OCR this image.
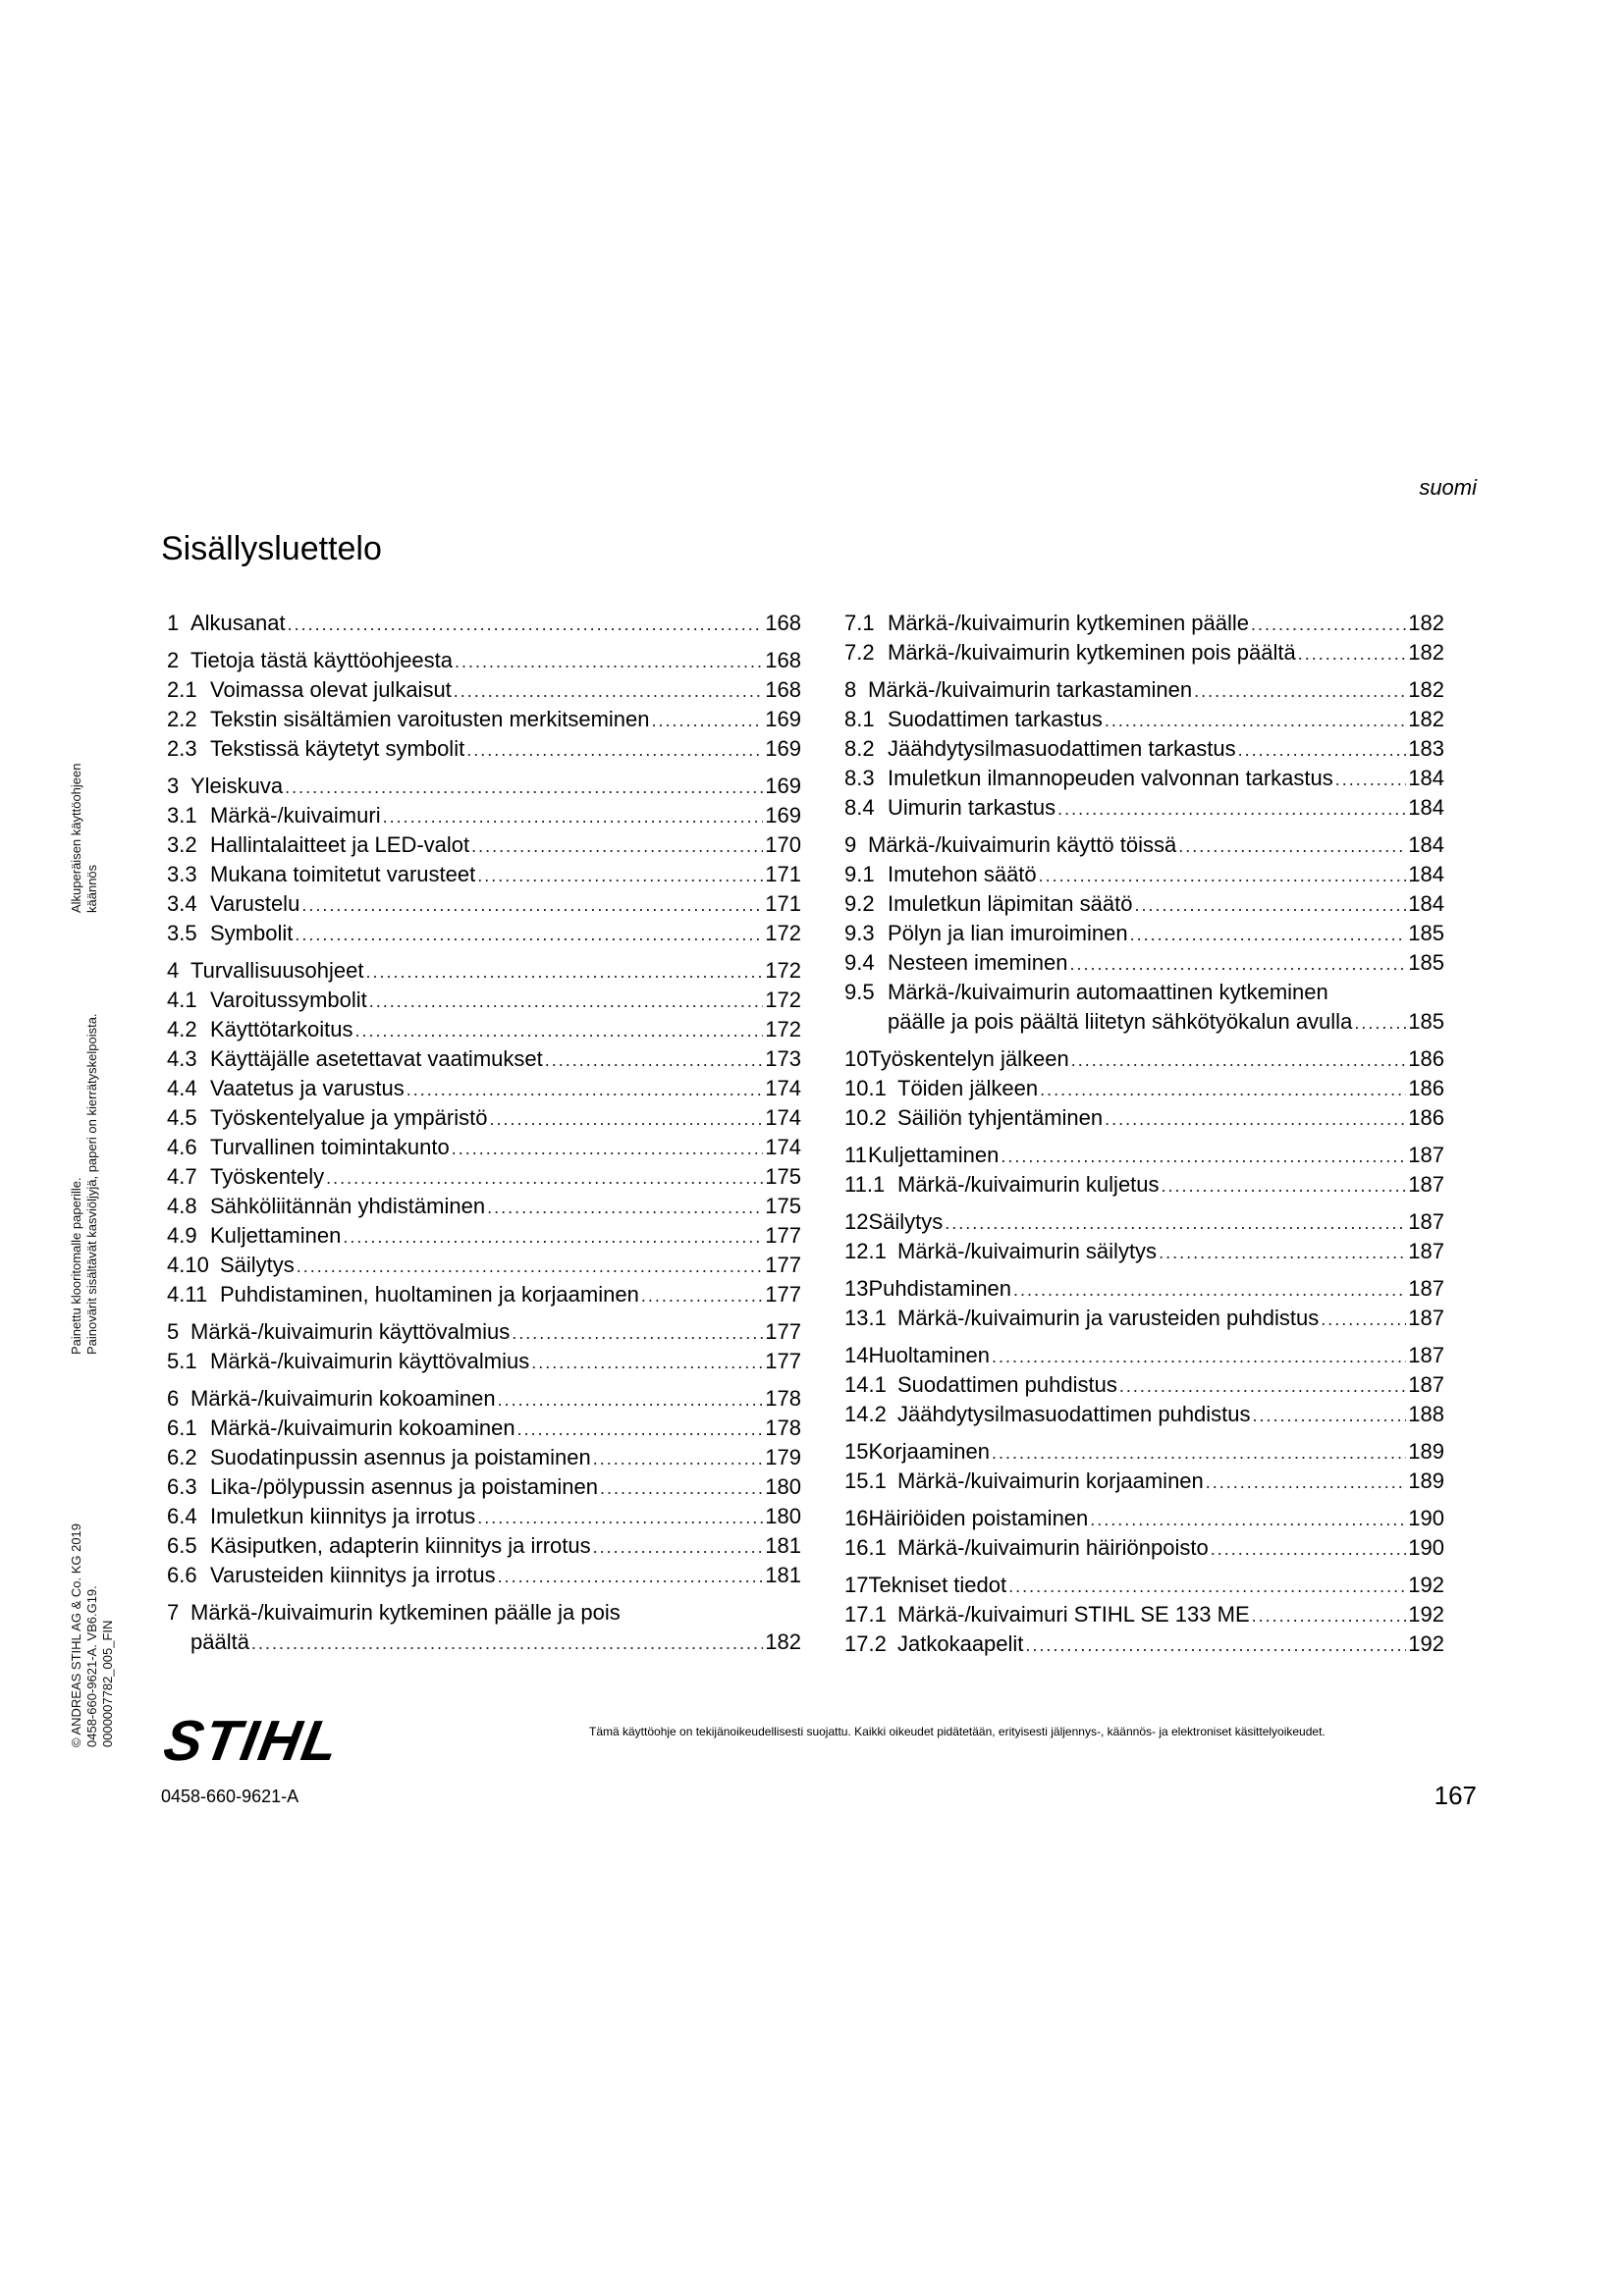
suomi
Sisällysluettelo
1 Alkusanat .....	168
2 Tietoja tästä käyttöohjeesta .....	168
2.1 Voimassa olevat julkaisut .....	168
2.2 Tekstin sisältämien varoitusten merkitseminen .....	169
2.3 Tekstissä käytetyt symbolit .....	169
3 Yleiskuva .....	169
3.1 Märkä-/kuivaimuri .....	169
3.2 Hallintalaitteet ja LED-valot .....	170
3.3 Mukana toimitetut varusteet .....	171
3.4 Varustelu .....	171
3.5 Symbolit .....	172
4 Turvallisuusohjeet .....	172
4.1 Varoitussymbolit .....	172
4.2 Käyttötarkoitus .....	172
4.3 Käyttäjälle asetettavat vaatimukset .....	173
4.4 Vaatetus ja varustus .....	174
4.5 Työskentelyalue ja ympäristö .....	174
4.6 Turvallinen toimintakunto .....	174
4.7 Työskentely .....	175
4.8 Sähköliitännän yhdistäminen .....	175
4.9 Kuljettaminen .....	177
4.10 Säilytys .....	177
4.11 Puhdistaminen, huoltaminen ja korjaaminen .....	177
5 Märkä-/kuivaimurin käyttövalmius .....	177
5.1 Märkä-/kuivaimurin käyttövalmius .....	177
6 Märkä-/kuivaimurin kokoaminen .....	178
6.1 Märkä-/kuivaimurin kokoaminen .....	178
6.2 Suodatinpussin asennus ja poistaminen .....	179
6.3 Lika-/pölypussin asennus ja poistaminen .....	180
6.4 Imuletkun kiinnitys ja irrotus .....	180
6.5 Käsiputken, adapterin kiinnitys ja irrotus .....	181
6.6 Varusteiden kiinnitys ja irrotus .....	181
7 Märkä-/kuivaimurin kytkeminen päälle ja pois
päältä .....	182
7.1 Märkä-/kuivaimurin kytkeminen päälle .....	182
7.2 Märkä-/kuivaimurin kytkeminen pois päältä .....	182
8 Märkä-/kuivaimurin tarkastaminen .....	182
8.1 Suodattimen tarkastus .....	182
8.2 Jäähdytysilmasuodattimen tarkastus .....	183
8.3 Imuletkun ilmannopeuden valvonnan tarkastus .....	184
8.4 Uimurin tarkastus .....	184
9 Märkä-/kuivaimurin käyttö töissä .....	184
9.1 Imutehon säätö .....	184
9.2 Imuletkun läpimitan säätö .....	184
9.3 Pölyn ja lian imuroiminen .....	185
9.4 Nesteen imeminen .....	185
9.5 Märkä-/kuivaimurin automaattinen kytkeminen
päälle ja pois päältä liitetyn sähkötyökalun avulla .....	185
10 Työskentelyn jälkeen .....	186
10.1 Töiden jälkeen .....	186
10.2 Säiliön tyhjentäminen .....	186
11 Kuljettaminen .....	187
11.1 Märkä-/kuivaimurin kuljetus .....	187
12 Säilytys .....	187
12.1 Märkä-/kuivaimurin säilytys .....	187
13 Puhdistaminen .....	187
13.1 Märkä-/kuivaimurin ja varusteiden puhdistus .....	187
14 Huoltaminen .....	187
14.1 Suodattimen puhdistus .....	187
14.2 Jäähdytysilmasuodattimen puhdistus .....	188
15 Korjaaminen .....	189
15.1 Märkä-/kuivaimurin korjaaminen .....	189
16 Häiriöiden poistaminen .....	190
16.1 Märkä-/kuivaimurin häiriönpoisto .....	190
17 Tekniset tiedot .....	192
17.1 Märkä-/kuivaimuri STIHL SE 133 ME .....	192
17.2 Jatkokaapelit .....	192
© ANDREAS STIHL AG & Co. KG 2019 0458-660-9621-A. VB6.G19. 0000007782_005_FIN
Painettu klooritomalle paperille. Painovärit sisältävät kasviöljyjä, paperi on kierrätyskelpoista.
Alkuperäisen käyttöohjeen käännös
STIHL	Tämä käyttöohje on tekijänoikeudellisesti suojattu. Kaikki oikeudet pidätetään, erityisesti jäljennys-, käännös- ja elektroniset käsittelyoikeudet.
0458-660-9621-A	167
